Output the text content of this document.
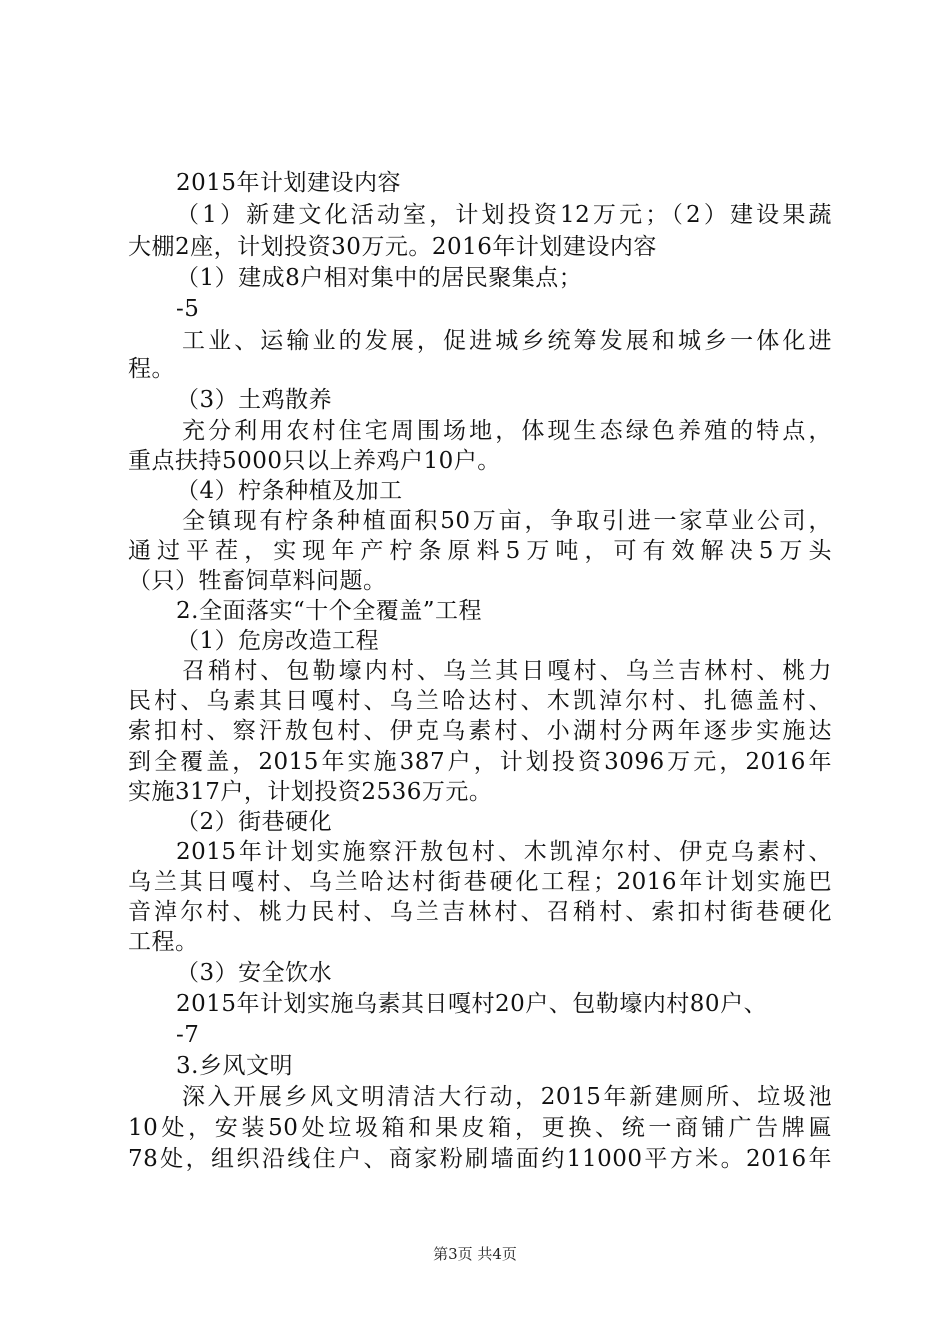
2015年计划建设内容
（1）新建文化活动室，计划投资12万元；（2）建设果蔬
大棚2座，计划投资30万元。2016年计划建设内容
（1）建成8户相对集中的居民聚集点；
-5
工业、运输业的发展，促进城乡统筹发展和城乡一体化进
程。
（3）土鸡散养
充分利用农村住宅周围场地，体现生态绿色养殖的特点，
重点扶持5000只以上养鸡户10户。
（4）柠条种植及加工
全镇现有柠条种植面积50万亩，争取引进一家草业公司，
通过平茬，实现年产柠条原料5万吨，可有效解决5万头
（只）牲畜饲草料问题。
2.全面落实“十个全覆盖”工程
（1）危房改造工程
召稍村、包勒壕内村、乌兰其日嘎村、乌兰吉林村、桃力
民村、乌素其日嘎村、乌兰哈达村、木凯淖尔村、扎德盖村、
索扣村、察汗敖包村、伊克乌素村、小湖村分两年逐步实施达
到全覆盖，2015年实施387户，计划投资3096万元，2016年
实施317户，计划投资2536万元。
（2）街巷硬化
2015年计划实施察汗敖包村、木凯淖尔村、伊克乌素村、
乌兰其日嘎村、乌兰哈达村街巷硬化工程；2016年计划实施巴
音淖尔村、桃力民村、乌兰吉林村、召稍村、索扣村街巷硬化
工程。
（3）安全饮水
2015年计划实施乌素其日嘎村20户、包勒壕内村80户、
-7
3.乡风文明
深入开展乡风文明清洁大行动，2015年新建厕所、垃圾池
10处，安装50处垃圾箱和果皮箱，更换、统一商铺广告牌匾
78处，组织沿线住户、商家粉刷墙面约11000平方米。2016年
第3页 共4页
